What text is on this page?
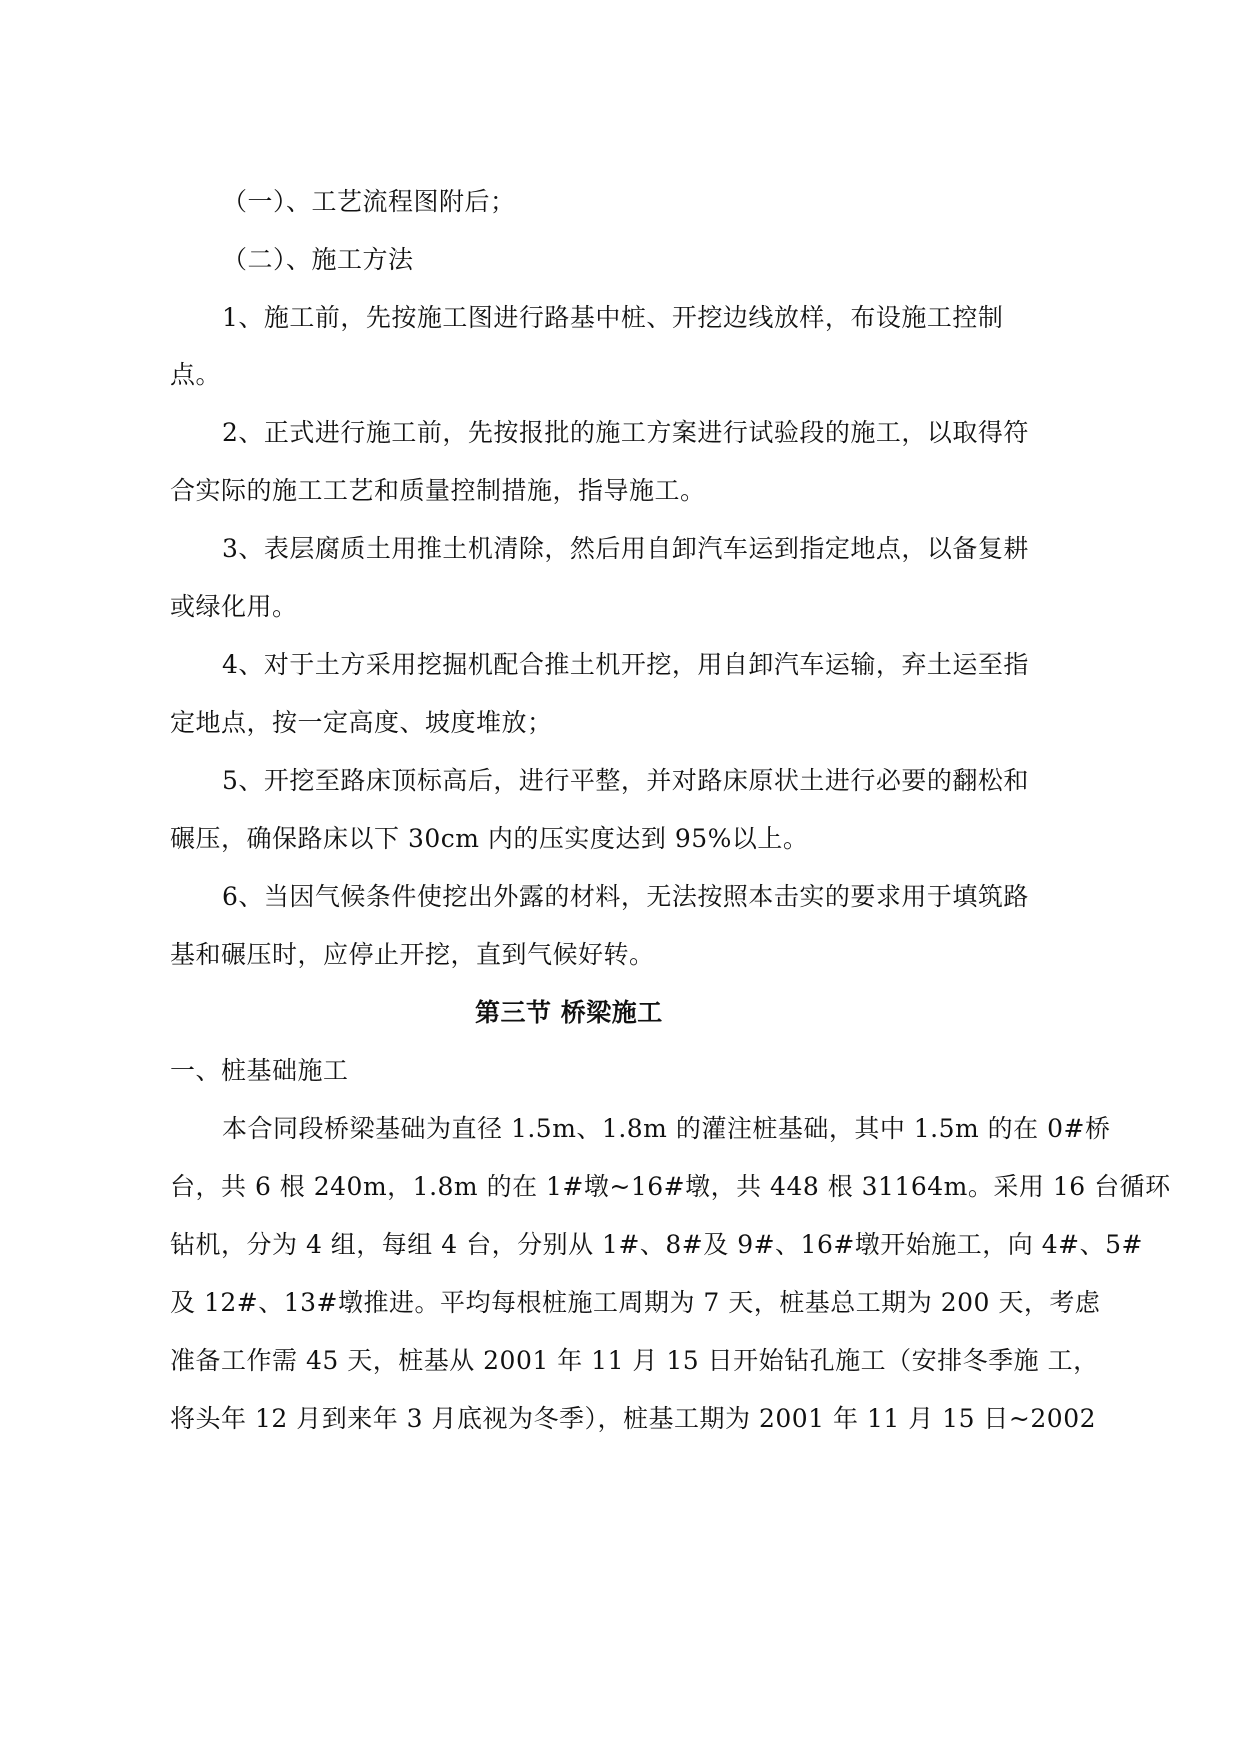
（一）、工艺流程图附后；
（二）、施工方法
1、施工前，先按施工图进行路基中桩、开挖边线放样，布设施工控制
点。
2、正式进行施工前，先按报批的施工方案进行试验段的施工，以取得符
合实际的施工工艺和质量控制措施，指导施工。
3、表层腐质土用推土机清除，然后用自卸汽车运到指定地点，以备复耕
或绿化用。
4、对于土方采用挖掘机配合推土机开挖，用自卸汽车运输，弃土运至指
定地点，按一定高度、坡度堆放；
5、开挖至路床顶标高后，进行平整，并对路床原状土进行必要的翻松和
碾压，确保路床以下 30cm 内的压实度达到 95%以上。
6、当因气候条件使挖出外露的材料，无法按照本击实的要求用于填筑路
基和碾压时，应停止开挖，直到气候好转。
第三节 桥梁施工
一、桩基础施工
本合同段桥梁基础为直径 1.5m、1.8m 的灌注桩基础，其中 1.5m 的在 0#桥
台，共 6 根 240m，1.8m 的在 1#墩~16#墩，共 448 根 31164m。采用 16 台循环
钻机，分为 4 组，每组 4 台，分别从 1#、8#及 9#、16#墩开始施工，向 4#、5#
及 12#、13#墩推进。平均每根桩施工周期为 7 天，桩基总工期为 200 天，考虑
准备工作需 45 天，桩基从 2001 年 11 月 15 日开始钻孔施工（安排冬季施 工，
将头年 12 月到来年 3 月底视为冬季），桩基工期为 2001 年 11 月 15 日~2002
